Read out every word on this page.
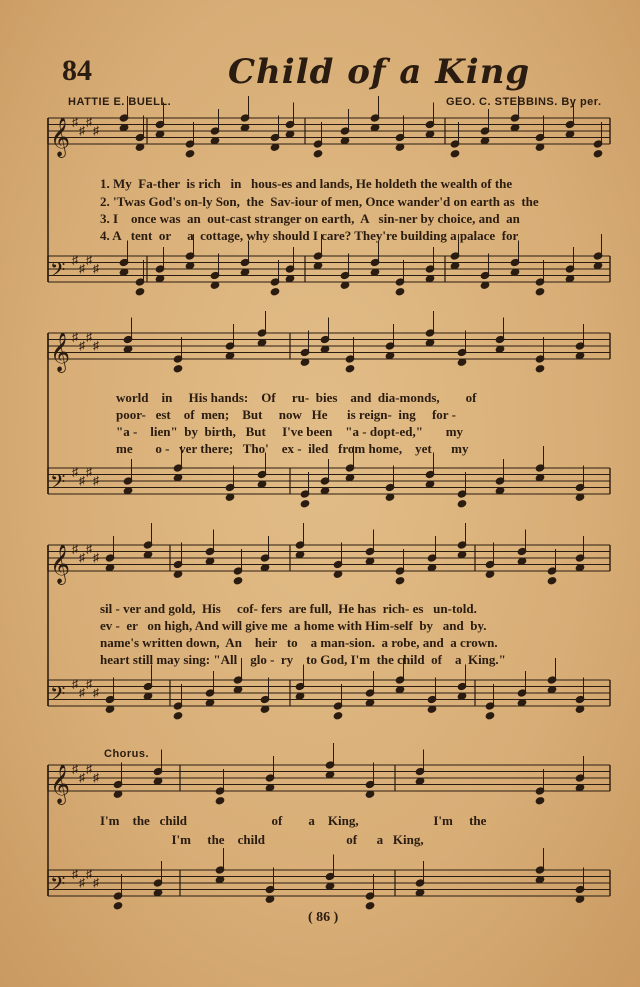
84	Child of a King
HATTIE E. BUELL.	GEO. C. STEBBINS. By per.
𝄞 ♯
♯
♯
♯
𝄢 ♯
♯
♯
♯
𝄞 ♯
♯
♯
♯
𝄢 ♯
♯
♯
♯
𝄞 ♯
♯
♯
♯
𝄢 ♯
♯
♯
♯
𝄞 ♯
♯
♯
♯
𝄢 ♯
♯
♯
♯
1. My  Fa-ther  is rich   in   hous-es and lands, He holdeth the wealth of the
2. 'Twas God's on-ly Son,  the  Sav-iour of men, Once wander'd on earth as  the
3. I    once was  an  out-cast stranger on earth,  A   sin-ner by choice, and  an
4. A   tent  or     a  cottage, why should I care? They're building a palace  for
world    in     His hands:    Of     ru-  bies    and  dia-monds,        of
poor-   est    of  men;    But     now   He      is reign-  ing     for -
"a -    lien"  by  birth,   But     I've been    "a - dopt-ed,"       my
me       o -   ver there;   Tho'    ex -  iled   from home,    yet      my
sil - ver and gold,  His     cof- fers  are full,  He has  rich- es   un-told.
ev -  er   on high, And will give me  a home with Him-self  by   and  by.
name's written down,  An    heir   to    a man-sion.  a robe, and  a crown.
heart still may sing: "All    glo -  ry    to God, I'm  the child  of    a  King."
Chorus.
I'm    the   child                          of        a    King,                       I'm     the
I'm     the    child                         of      a   King,
( 86 )
